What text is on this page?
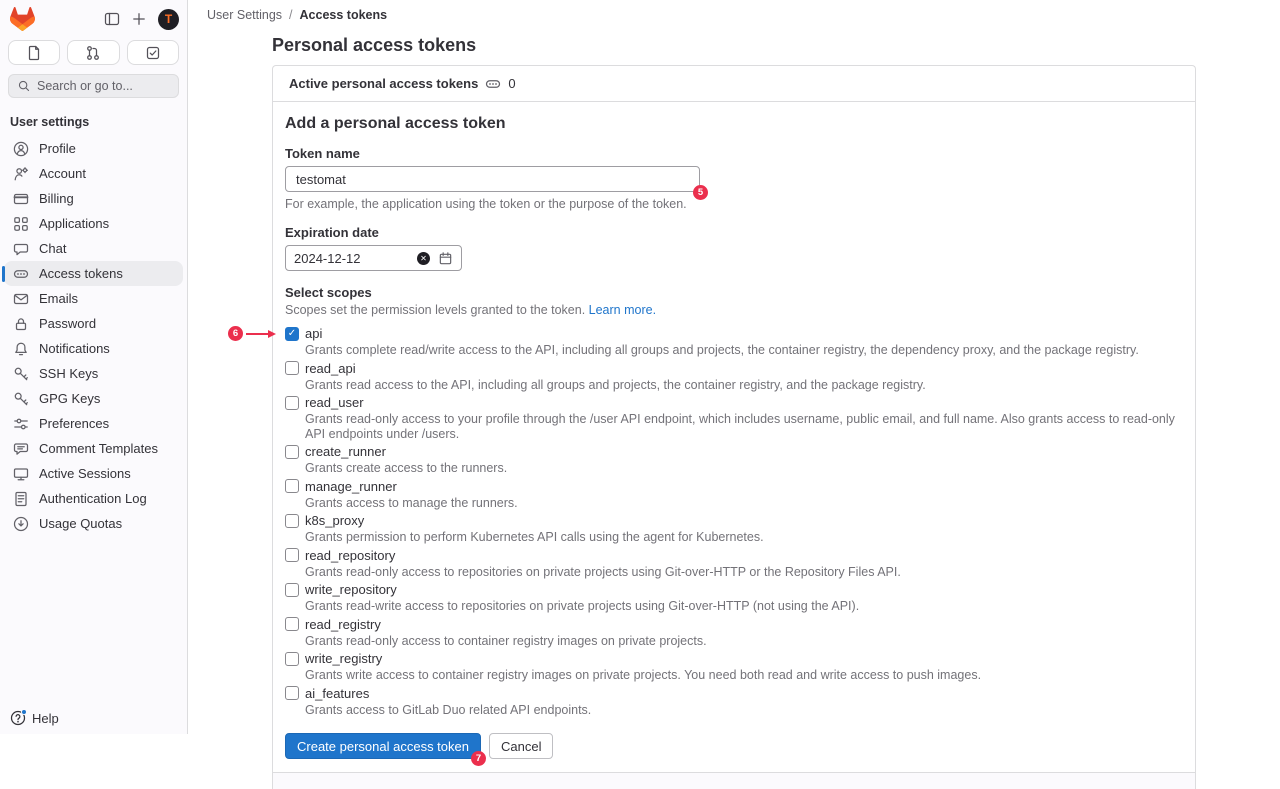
T
Search or go to...
User settings
Profile
Account
Billing
Applications
Chat
Access tokens
Emails
Password
Notifications
SSH Keys
GPG Keys
Preferences
Comment Templates
Active Sessions
Authentication Log
Usage Quotas
Help
User Settings / Access tokens
Personal access tokens
Active personal access tokens 0
Add a personal access token
Token name
testomat
5
For example, the application using the token or the purpose of the token.
Expiration date
2024-12-12	✕
Select scopes
Scopes set the permission levels granted to the token. Learn more.
6	✓ api
Grants complete read/write access to the API, including all groups and projects, the container registry, the dependency proxy, and the package registry.
read_api
Grants read access to the API, including all groups and projects, the container registry, and the package registry.
read_user
Grants read-only access to your profile through the /user API endpoint, which includes username, public email, and full name. Also grants access to read-only API endpoints under /users.
create_runner
Grants create access to the runners.
manage_runner
Grants access to manage the runners.
k8s_proxy
Grants permission to perform Kubernetes API calls using the agent for Kubernetes.
read_repository
Grants read-only access to repositories on private projects using Git-over-HTTP or the Repository Files API.
write_repository
Grants read-write access to repositories on private projects using Git-over-HTTP (not using the API).
read_registry
Grants read-only access to container registry images on private projects.
write_registry
Grants write access to container registry images on private projects. You need both read and write access to push images.
ai_features
Grants access to GitLab Duo related API endpoints.
Create personal access token
7
Cancel
